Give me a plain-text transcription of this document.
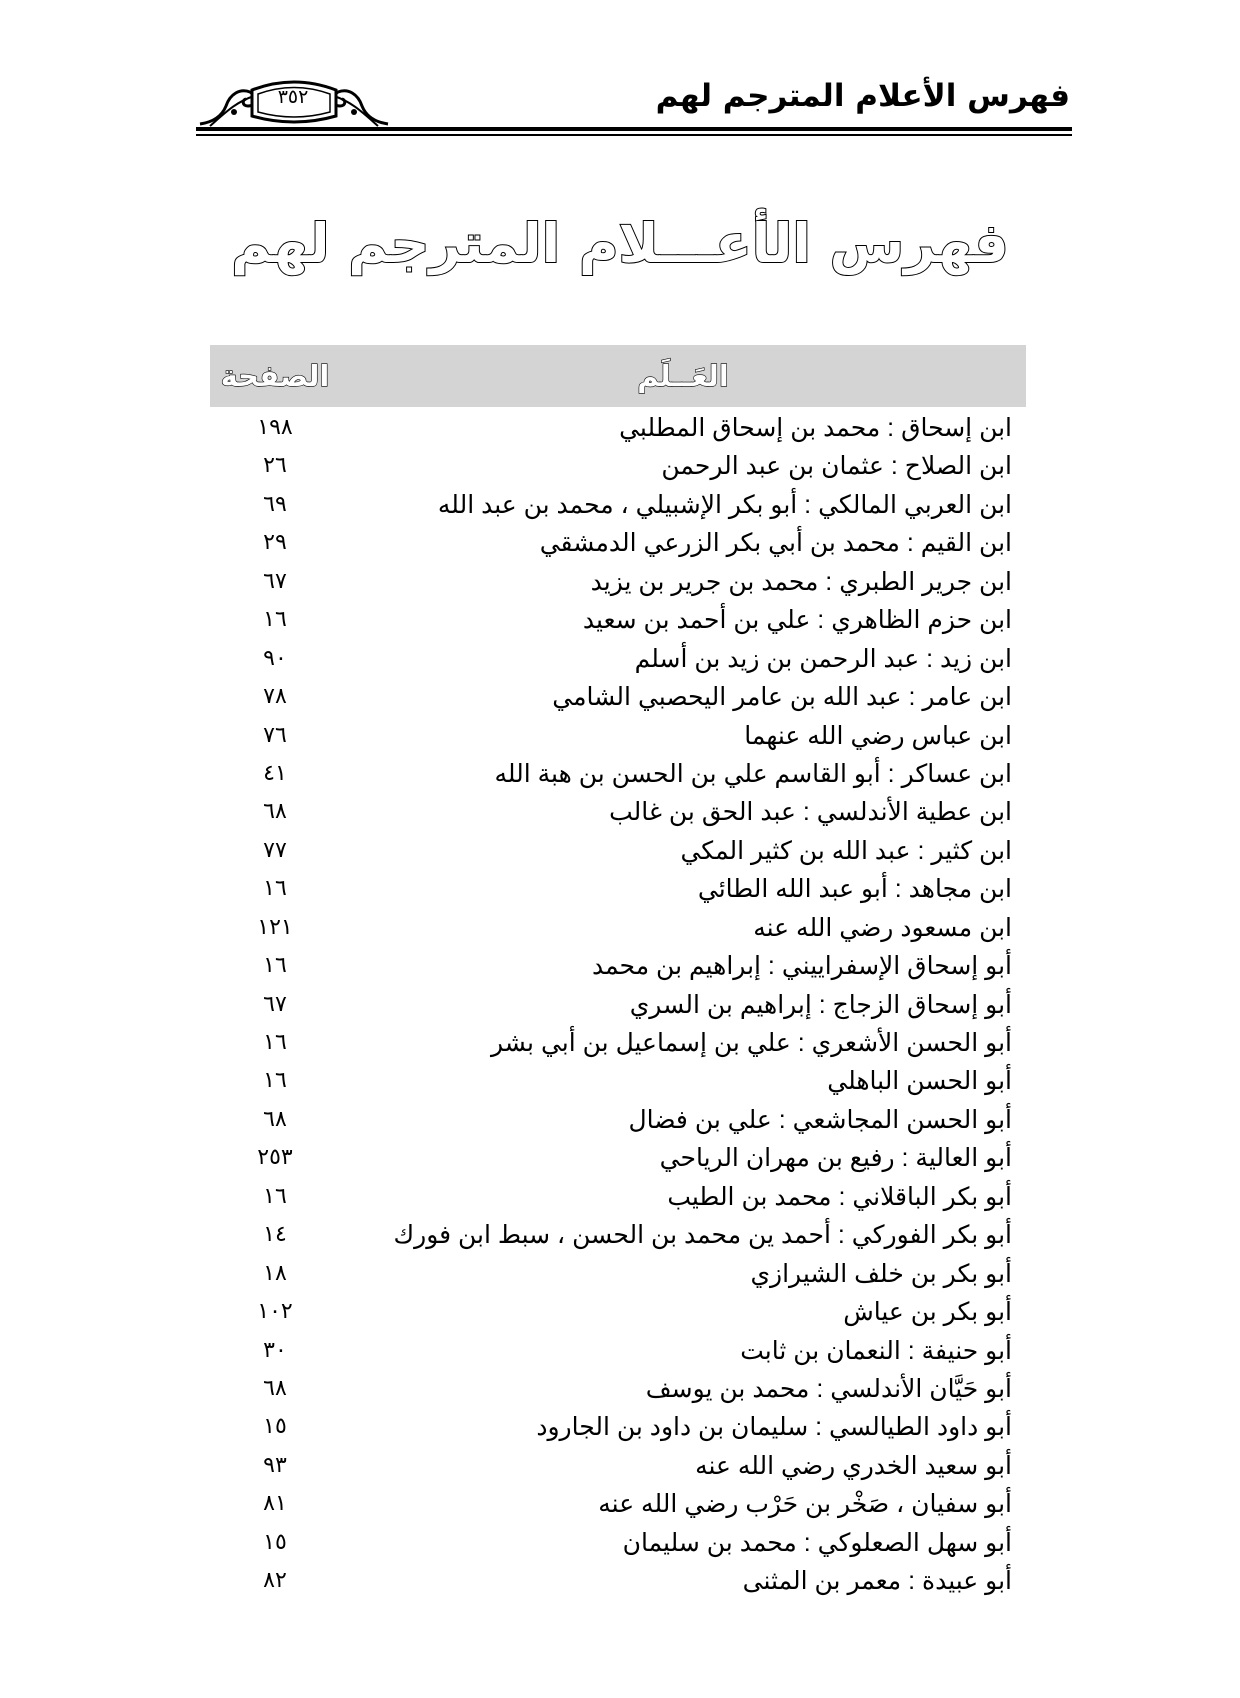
فهرس الأعلام المترجم لهم
٣٥٢
فهرس الأعـــلام المترجم لهم
العَــلَم
الصفحة
ابن إسحاق : محمد بن إسحاق المطلبي
١٩٨
ابن الصلاح : عثمان بن عبد الرحمن
٢٦
ابن العربي المالكي : أبو بكر الإشبيلي ، محمد بن عبد الله
٦٩
ابن القيم : محمد بن أبي بكر الزرعي الدمشقي
٢٩
ابن جرير الطبري : محمد بن جرير بن يزيد
٦٧
ابن حزم الظاهري : علي بن أحمد بن سعيد
١٦
ابن زيد : عبد الرحمن بن زيد بن أسلم
٩٠
ابن عامر : عبد الله بن عامر اليحصبي الشامي
٧٨
ابن عباس رضي الله عنهما
٧٦
ابن عساكر : أبو القاسم علي بن الحسن بن هبة الله
٤١
ابن عطية الأندلسي : عبد الحق بن غالب
٦٨
ابن كثير : عبد الله بن كثير المكي
٧٧
ابن مجاهد : أبو عبد الله الطائي
١٦
ابن مسعود رضي الله عنه
١٢١
أبو إسحاق الإسفراييني : إبراهيم بن محمد
١٦
أبو إسحاق الزجاج : إبراهيم بن السري
٦٧
أبو الحسن الأشعري : علي بن إسماعيل بن أبي بشر
١٦
أبو الحسن الباهلي
١٦
أبو الحسن المجاشعي : علي بن فضال
٦٨
أبو العالية : رفيع بن مهران الرياحي
٢٥٣
أبو بكر الباقلاني : محمد بن الطيب
١٦
أبو بكر الفوركي : أحمد ين محمد بن الحسن ، سبط ابن فورك
١٤
أبو بكر بن خلف الشيرازي
١٨
أبو بكر بن عياش
١٠٢
أبو حنيفة : النعمان بن ثابت
٣٠
أبو حَيَّان الأندلسي : محمد بن يوسف
٦٨
أبو داود الطيالسي : سليمان بن داود بن الجارود
١٥
أبو سعيد الخدري رضي الله عنه
٩٣
أبو سفيان ، صَخْر بن حَرْب رضي الله عنه
٨١
أبو سهل الصعلوكي : محمد بن سليمان
١٥
أبو عبيدة : معمر بن المثنى
٨٢
